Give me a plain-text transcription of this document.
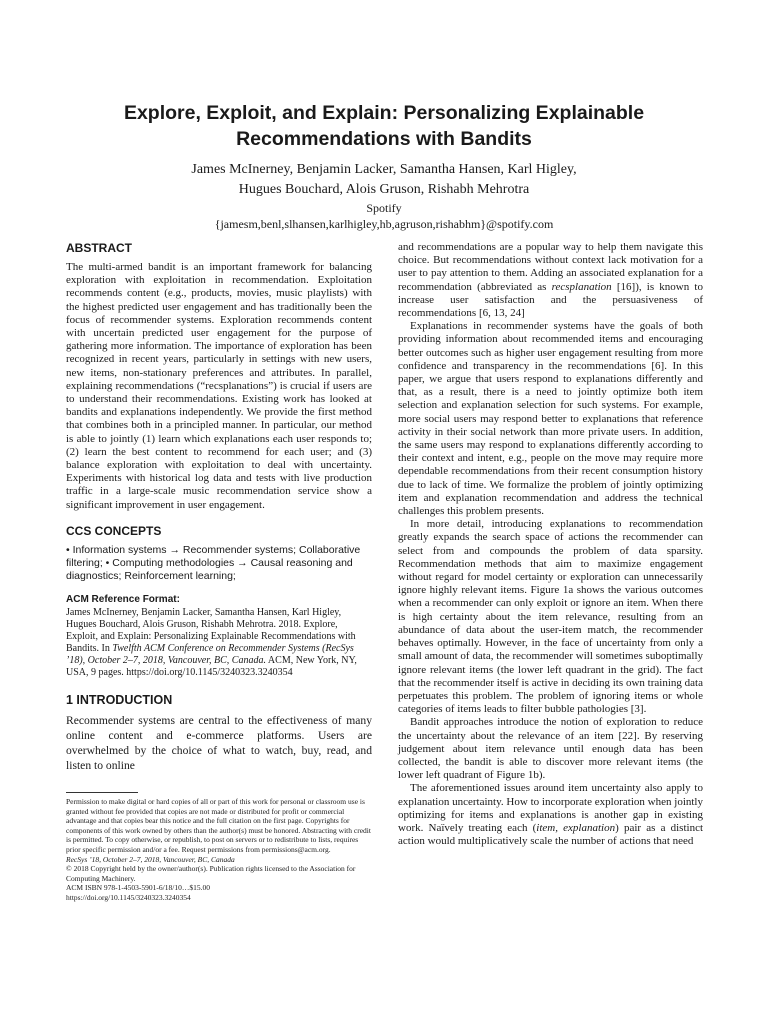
Explore, Exploit, and Explain: Personalizing Explainable
Recommendations with Bandits
James McInerney, Benjamin Lacker, Samantha Hansen, Karl Higley,
Hugues Bouchard, Alois Gruson, Rishabh Mehrotra
Spotify
{jamesm,benl,slhansen,karlhigley,hb,agruson,rishabhm}@spotify.com
ABSTRACT

The multi-armed bandit is an important framework for balancing exploration with exploitation in recommendation. Exploitation recommends content (e.g., products, movies, music playlists) with the highest predicted user engagement and has traditionally been the focus of recommender systems. Exploration recommends content with uncertain predicted user engagement for the purpose of gathering more information. The importance of exploration has been recognized in recent years, particularly in settings with new users, new items, non-stationary preferences and attributes. In parallel, explaining recommendations (“recsplanations”) is crucial if users are to understand their recommendations. Existing work has looked at bandits and explanations independently. We provide the first method that combines both in a principled manner. In particular, our method is able to jointly (1) learn which explanations each user responds to; (2) learn the best content to recommend for each user; and (3) balance exploration with exploitation to deal with uncertainty. Experiments with historical log data and tests with live production traffic in a large-scale music recommendation service show a significant improvement in user engagement.

CCS CONCEPTS

• Information systems → Recommender systems; Collaborative filtering; • Computing methodologies → Causal reasoning and diagnostics; Reinforcement learning;

ACM Reference Format:

James McInerney, Benjamin Lacker, Samantha Hansen, Karl Higley, Hugues Bouchard, Alois Gruson, Rishabh Mehrotra. 2018. Explore, Exploit, and Explain: Personalizing Explainable Recommendations with Bandits. In Twelfth ACM Conference on Recommender Systems (RecSys ’18), October 2–7, 2018, Vancouver, BC, Canada. ACM, New York, NY, USA, 9 pages. https://doi.org/10.1145/3240323.3240354

1 INTRODUCTION

Recommender systems are central to the effectiveness of many online content and e-commerce platforms. Users are overwhelmed by the choice of what to watch, buy, read, and listen to online

Permission to make digital or hard copies of all or part of this work for personal or classroom use is granted without fee provided that copies are not made or distributed for profit or commercial advantage and that copies bear this notice and the full citation on the first page. Copyrights for components of this work owned by others than the author(s) must be honored. Abstracting with credit is permitted. To copy otherwise, or republish, to post on servers or to redistribute to lists, requires prior specific permission and/or a fee. Request permissions from permissions@acm.org.

RecSys ’18, October 2–7, 2018, Vancouver, BC, Canada

© 2018 Copyright held by the owner/author(s). Publication rights licensed to the Association for Computing Machinery.

ACM ISBN 978-1-4503-5901-6/18/10…$15.00

https://doi.org/10.1145/3240323.3240354

and recommendations are a popular way to help them navigate this choice. But recommendations without context lack motivation for a user to pay attention to them. Adding an associated explanation for a recommendation (abbreviated as recsplanation [16]), is known to increase user satisfaction and the persuasiveness of recommendations [6, 13, 24]

Explanations in recommender systems have the goals of both providing information about recommended items and encouraging better outcomes such as higher user engagement resulting from more confidence and transparency in the recommendations [6]. In this paper, we argue that users respond to explanations differently and that, as a result, there is a need to jointly optimize both item selection and explanation selection for such systems. For example, more social users may respond better to explanations that reference activity in their social network than more private users. In addition, the same users may respond to explanations differently according to their context and intent, e.g., people on the move may require more dependable recommendations from their recent consumption history due to lack of time. We formalize the problem of jointly optimizing item and explanation recommendation and address the technical challenges this problem presents.

In more detail, introducing explanations to recommendation greatly expands the search space of actions the recommender can select from and compounds the problem of data sparsity. Recommendation methods that aim to maximize engagement without regard for model certainty or exploration can unnecessarily ignore highly relevant items. Figure 1a shows the various outcomes when a recommender can only exploit or ignore an item. When there is high certainty about the item relevance, resulting from an abundance of data about the user-item match, the recommender behaves optimally. However, in the face of uncertainty from only a small amount of data, the recommender will sometimes suboptimally ignore relevant items (the lower left quadrant in the grid). The fact that the recommender itself is active in deciding its own training data perpetuates this problem. The problem of ignoring items or whole categories of items leads to filter bubble pathologies [3].

Bandit approaches introduce the notion of exploration to reduce the uncertainty about the relevance of an item [22]. By reserving judgement about item relevance until enough data has been collected, the bandit is able to discover more relevant items (the lower left quadrant of Figure 1b).

The aforementioned issues around item uncertainty also apply to explanation uncertainty. How to incorporate exploration when jointly optimizing for items and explanations is another gap in existing work. Naïvely treating each (item, explanation) pair as a distinct action would multiplicatively scale the number of actions that need
